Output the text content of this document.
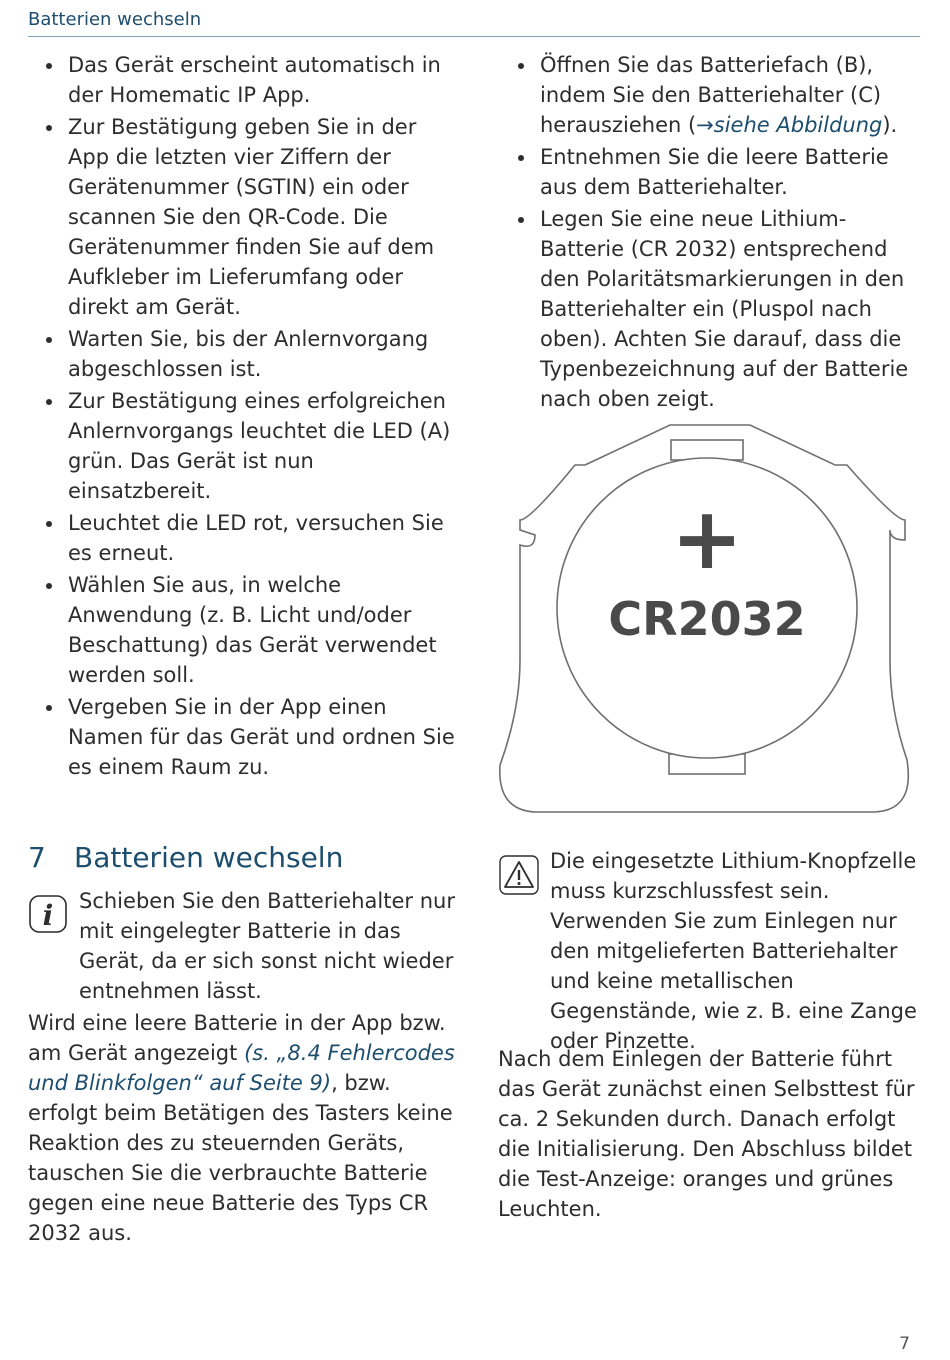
Batterien wechseln
Das Gerät erscheint automatisch in der Homematic IP App.
Zur Bestätigung geben Sie in der App die letzten vier Ziffern der Gerätenummer (SGTIN) ein oder scannen Sie den QR-Code. Die Gerätenummer finden Sie auf dem Aufkleber im Lieferumfang oder direkt am Gerät.
Warten Sie, bis der Anlernvorgang abgeschlossen ist.
Zur Bestätigung eines erfolgreichen Anlernvorgangs leuchtet die LED (A) grün. Das Gerät ist nun einsatzbereit.
Leuchtet die LED rot, versuchen Sie es erneut.
Wählen Sie aus, in welche Anwendung (z. B. Licht und/oder Beschattung) das Gerät verwendet werden soll.
Vergeben Sie in der App einen Namen für das Gerät und ordnen Sie es einem Raum zu.
Öffnen Sie das Batteriefach (B), indem Sie den Batteriehalter (C) herausziehen (→siehe Abbildung).
Entnehmen Sie die leere Batterie aus dem Batteriehalter.
Legen Sie eine neue Lithium-Batterie (CR 2032) entsprechend den Polaritätsmarkierungen in den Batteriehalter ein (Pluspol nach oben). Achten Sie darauf, dass die Typenbezeichnung auf der Batterie nach oben zeigt.
+
CR2032
7 Batterien wechseln
i Schieben Sie den Batteriehalter nur mit eingelegter Batterie in das Gerät, da er sich sonst nicht wieder entnehmen lässt.
Wird eine leere Batterie in der App bzw. am Gerät angezeigt (s. „8.4 Fehlercodes und Blinkfolgen“ auf Seite 9), bzw. erfolgt beim Betätigen des Tasters keine Reaktion des zu steuernden Geräts, tauschen Sie die verbrauchte Batterie gegen eine neue Batterie des Typs CR 2032 aus.
Die eingesetzte Lithium-Knopfzelle muss kurzschlussfest sein. Verwenden Sie zum Einlegen nur den mitgelieferten Batteriehalter und keine metallischen Gegenstände, wie z. B. eine Zange oder Pinzette.
Nach dem Einlegen der Batterie führt das Gerät zunächst einen Selbsttest für ca. 2 Sekunden durch. Danach erfolgt die Initialisierung. Den Abschluss bildet die Test-Anzeige: oranges und grünes Leuchten.
7
